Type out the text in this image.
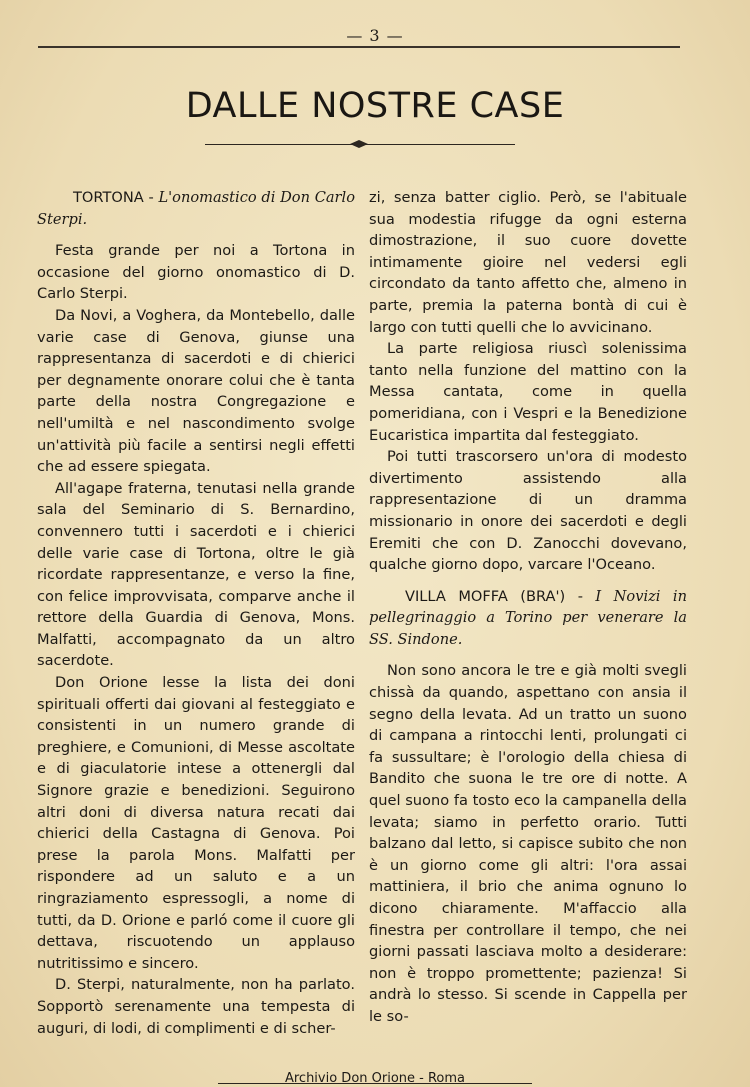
— 3 —
DALLE NOSTRE CASE

TORTONA - L'onomastico di Don Carlo Sterpi.

Festa grande per noi a Tortona in occasione del giorno onomastico di D. Carlo Sterpi.

Da Novi, a Voghera, da Montebello, dalle varie case di Genova, giunse una rappresentanza di sacerdoti e di chierici per degnamente onorare colui che è tanta parte della nostra Congregazione e nell'umiltà e nel nascondimento svolge un'attività più facile a sentirsi negli effetti che ad essere spiegata.

All'agape fraterna, tenutasi nella grande sala del Seminario di S. Bernardino, convennero tutti i sacerdoti e i chierici delle varie case di Tortona, oltre le già ricordate rappresentanze, e verso la fine, con felice improvvisata, comparve anche il rettore della Guardia di Genova, Mons. Malfatti, accompagnato da un altro sacerdote.

Don Orione lesse la lista dei doni spirituali offerti dai giovani al festeggiato e consistenti in un numero grande di preghiere, e Comunioni, di Messe ascoltate e di giaculatorie intese a ottenergli dal Signore grazie e benedizioni. Seguirono altri doni di diversa natura recati dai chierici della Castagna di Genova. Poi prese la parola Mons. Malfatti per rispondere ad un saluto e a un ringraziamento espressogli, a nome di tutti, da D. Orione e parló come il cuore gli dettava, riscuotendo un applauso nutritissimo e sincero.

D. Sterpi, naturalmente, non ha parlato. Sopportò serenamente una tempesta di auguri, di lodi, di complimenti e di scher-

zi, senza batter ciglio. Però, se l'abituale sua modestia rifugge da ogni esterna dimostrazione, il suo cuore dovette intimamente gioire nel vedersi egli circondato da tanto affetto che, almeno in parte, premia la paterna bontà di cui è largo con tutti quelli che lo avvicinano.

La parte religiosa riuscì solenissima tanto nella funzione del mattino con la Messa cantata, come in quella pomeridiana, con i Vespri e la Benedizione Eucaristica impartita dal festeggiato.

Poi tutti trascorsero un'ora di modesto divertimento assistendo alla rappresentazione di un dramma missionario in onore dei sacerdoti e degli Eremiti che con D. Zanocchi dovevano, qualche giorno dopo, varcare l'Oceano.

VILLA MOFFA (BRA') - I Novizi in pellegrinaggio a Torino per venerare la SS. Sindone.

Non sono ancora le tre e già molti svegli chissà da quando, aspettano con ansia il segno della levata. Ad un tratto un suono di campana a rintocchi lenti, prolungati ci fa sussultare; è l'orologio della chiesa di Bandito che suona le tre ore di notte. A quel suono fa tosto eco la campanella della levata; siamo in perfetto orario. Tutti balzano dal letto, si capisce subito che non è un giorno come gli altri: l'ora assai mattiniera, il brio che anima ognuno lo dicono chiaramente. M'affaccio alla finestra per controllare il tempo, che nei giorni passati lasciava molto a desiderare: non è troppo promettente; pazienza! Si andrà lo stesso. Si scende in Cappella per le so-

Archivio Don Orione - Roma
